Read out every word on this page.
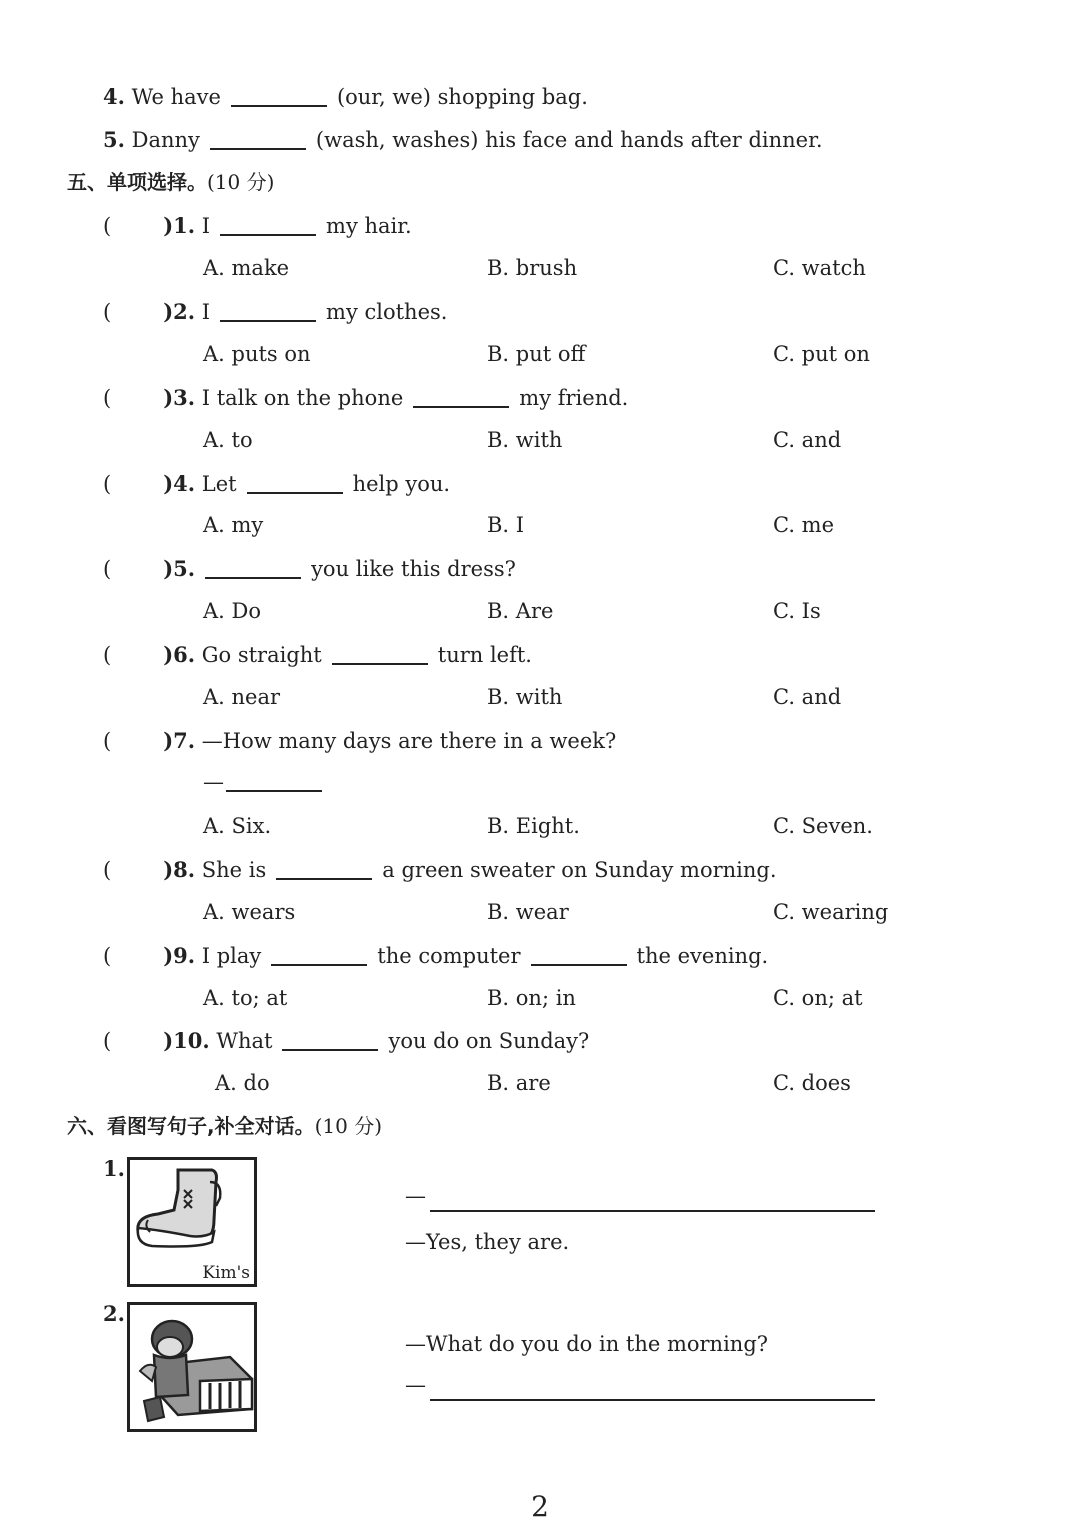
4. We have	(our, we) shopping bag.
5. Danny	(wash, washes) his face and hands after dinner.
五、单项选择。(10 分)
( )1. I	my hair.
A. make	B. brush	C. watch
( )2. I	my clothes.
A. puts on	B. put off	C. put on
( )3. I talk on the phone	my friend.
A. to	B. with	C. and
( )4. Let	help you.
A. my	B. I	C. me
( )5.	you like this dress?
A. Do	B. Are	C. Is
( )6. Go straight	turn left.
A. near	B. with	C. and
( )7. —How many days are there in a week?
—
A. Six.	B. Eight.	C. Seven.
( )8. She is	a green sweater on Sunday morning.
A. wears	B. wear	C. wearing
( )9. I play	the computer	the evening.
A. to; at	B. on; in	C. on; at
( )10. What	you do on Sunday?
A. do	B. are	C. does
六、看图写句子,补全对话。(10 分)
1.
Kim's
—
—Yes, they are.
2.
—What do you do in the morning?
—
2
